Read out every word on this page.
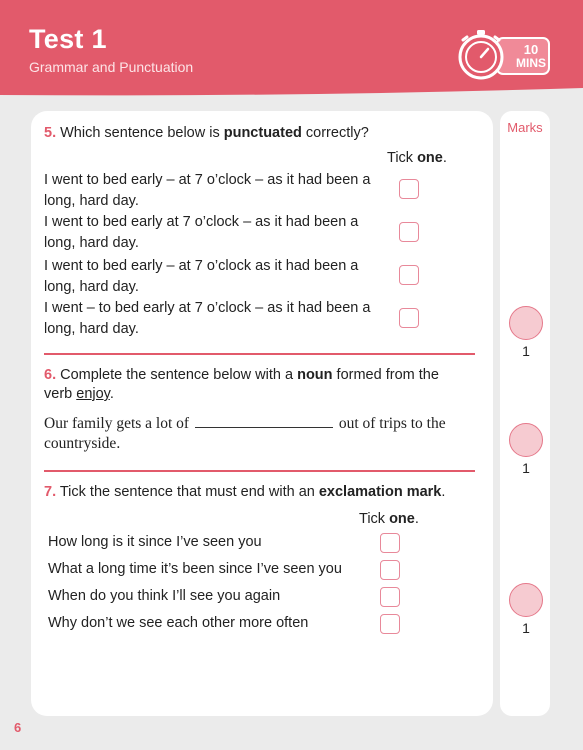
Test 1
Grammar and Punctuation
10
MINS
Marks
5. Which sentence below is punctuated correctly?
Tick one.
I went to bed early – at 7 o’clock – as it had been a
long, hard day.
I went to bed early at 7 o’clock – as it had been a
long, hard day.
I went to bed early – at 7 o’clock as it had been a
long, hard day.
I went – to bed early at 7 o’clock – as it had been a
long, hard day.
6. Complete the sentence below with a noun formed from the
verb enjoy.
Our family gets a lot of	out of trips to the
countryside.
7. Tick the sentence that must end with an exclamation mark.
Tick one.
How long is it since I’ve seen you
What a long time it’s been since I’ve seen you
When do you think I’ll see you again
Why don’t we see each other more often
1
1
1
6
